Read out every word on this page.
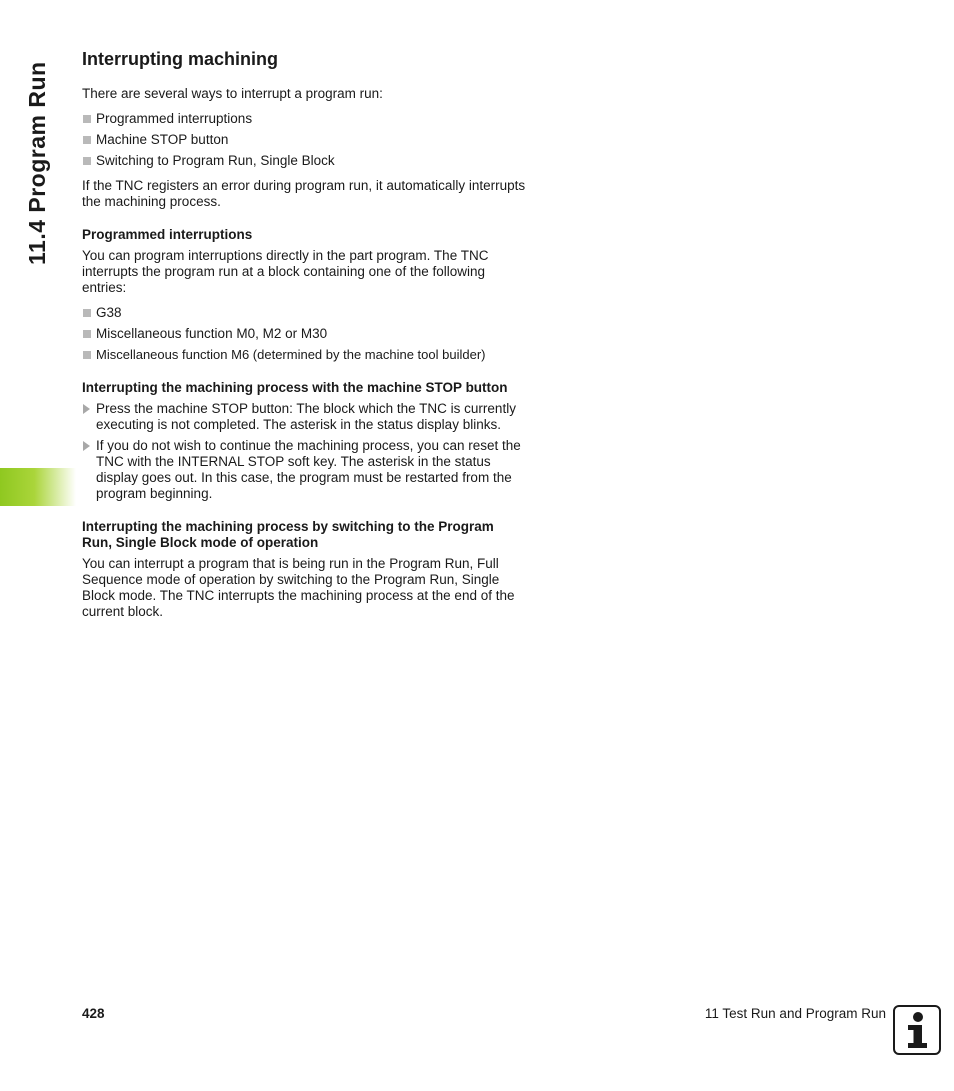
11.4 Program Run
Interrupting machining

There are several ways to interrupt a program run:

Programmed interruptions
Machine STOP button
Switching to Program Run, Single Block

If the TNC registers an error during program run, it automatically interrupts the machining process.

Programmed interruptions

You can program interruptions directly in the part program. The TNC interrupts the program run at a block containing one of the following entries:

G38
Miscellaneous function M0, M2 or M30
Miscellaneous function M6 (determined by the machine tool builder)
Interrupting the machining process with the machine STOP button
Press the machine STOP button: The block which the TNC is currently executing is not completed. The asterisk in the status display blinks.
If you do not wish to continue the machining process, you can reset the TNC with the INTERNAL STOP soft key. The asterisk in the status display goes out. In this case, the program must be restarted from the program beginning.
Interrupting the machining process by switching to the Program Run, Single Block mode of operation

You can interrupt a program that is being run in the Program Run, Full Sequence mode of operation by switching to the Program Run, Single Block mode. The TNC interrupts the machining process at the end of the current block.

428	11 Test Run and Program Run
